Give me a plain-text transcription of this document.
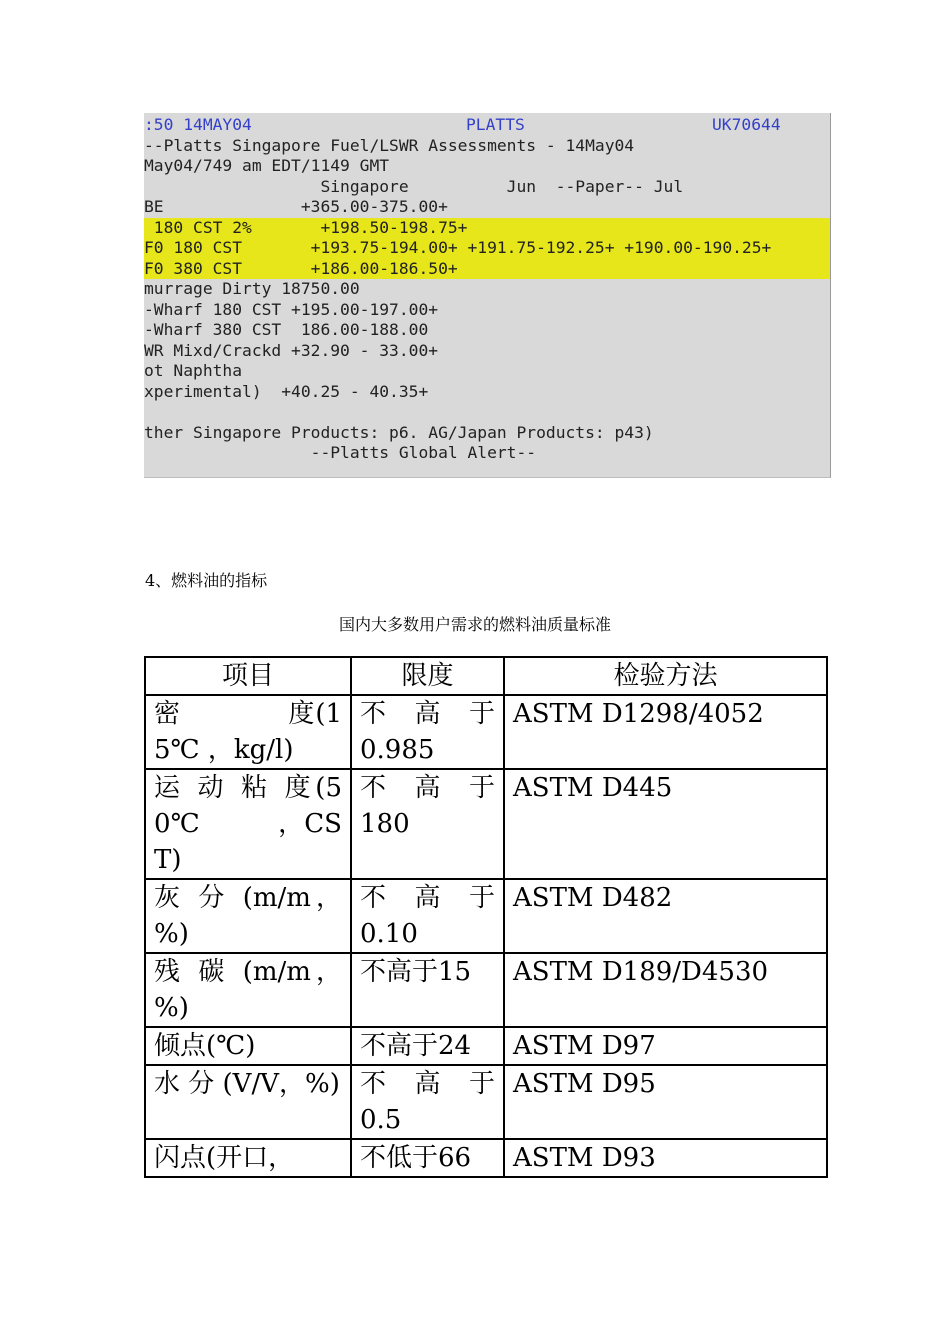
:50 14MAY04

	PLATTS

	UK70644

--Platts Singapore Fuel/LSWR Assessments - 14May04
May04/749 am EDT/1149 GMT
Singapore          Jun  --Paper-- Jul
BE              +365.00-375.00+
180 CST 2%       +198.50-198.75+
F0 180 CST       +193.75-194.00+ +191.75-192.25+ +190.00-190.25+
F0 380 CST       +186.00-186.50+
murrage Dirty 18750.00
-Wharf 180 CST +195.00-197.00+
-Wharf 380 CST  186.00-188.00
WR Mixd/Crackd +32.90 - 33.00+
ot Naphtha
xperimental)  +40.25 - 40.35+
ther Singapore Products: p6. AG/Japan Products: p43)
--Platts Global Alert--
4、燃料油的指标
国内大多数用户需求的燃料油质量标准
项目	限度	检验方法
密　　　　度(15℃ ，kg/l)	不　高　于0.985	ASTM D1298/4052
运 动 粘 度(50℃　　　，CST)	不　高　于180	ASTM D445
灰 分 (m/m，%)	不　高　于0.10	ASTM D482
残 碳 (m/m，%)	不高于15	ASTM D189/D4530
倾点(℃)	不高于24	ASTM D97
水 分 (V/V，%)	不　高　于0.5	ASTM D95
闪点(开口，	不低于66	ASTM D93
